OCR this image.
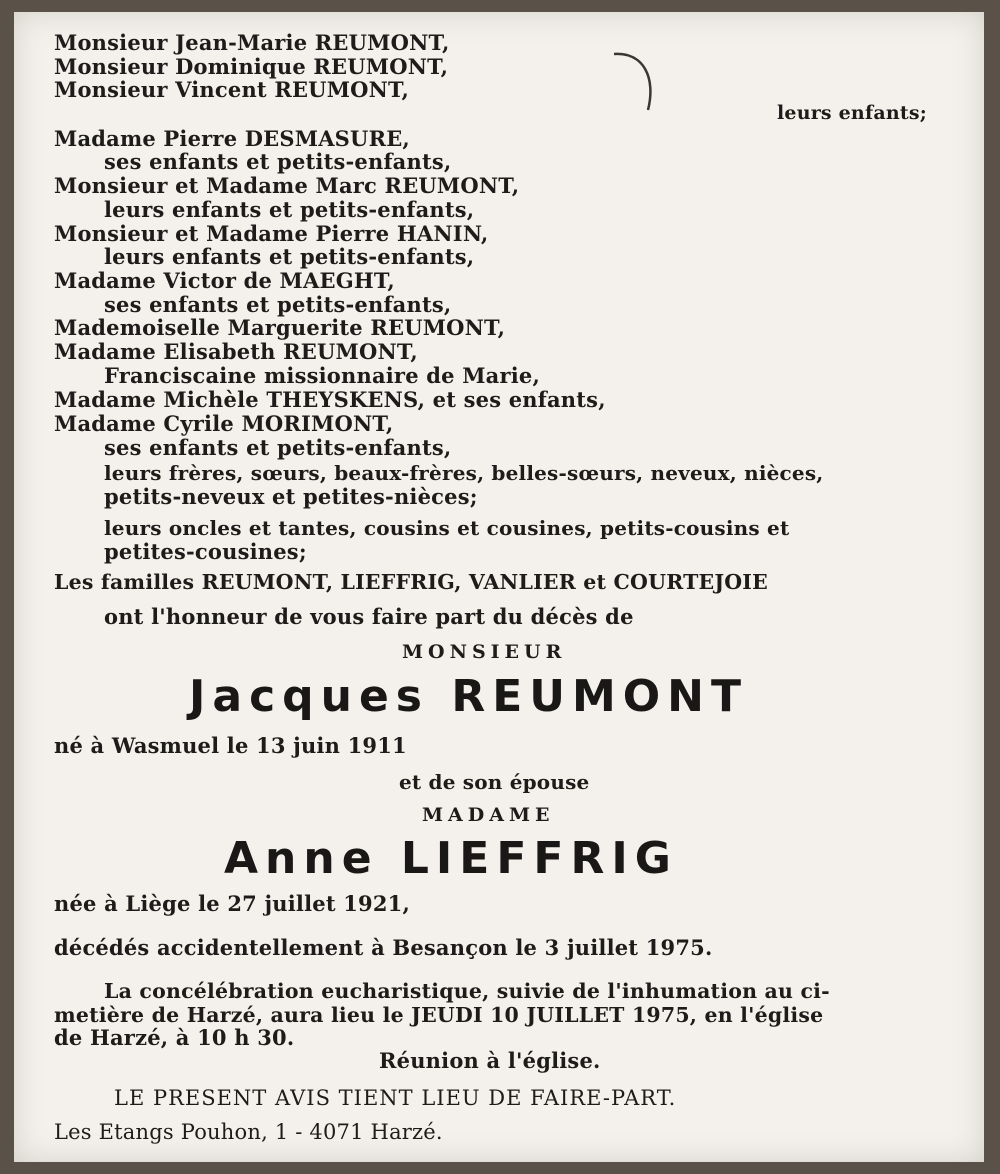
Monsieur Jean-Marie REUMONT,
Monsieur Dominique REUMONT,
Monsieur Vincent REUMONT,
leurs enfants;
Madame Pierre DESMASURE,
ses enfants et petits-enfants,
Monsieur et Madame Marc REUMONT,
leurs enfants et petits-enfants,
Monsieur et Madame Pierre HANIN,
leurs enfants et petits-enfants,
Madame Victor de MAEGHT,
ses enfants et petits-enfants,
Mademoiselle Marguerite REUMONT,
Madame Elisabeth REUMONT,
Franciscaine missionnaire de Marie,
Madame Michèle THEYSKENS, et ses enfants,
Madame Cyrile MORIMONT,
ses enfants et petits-enfants,
leurs frères, sœurs, beaux-frères, belles-sœurs, neveux, nièces,
petits-neveux et petites-nièces;
leurs oncles et tantes, cousins et cousines, petits-cousins et
petites-cousines;
Les familles REUMONT, LIEFFRIG, VANLIER et COURTEJOIE
ont l'honneur de vous faire part du décès de
MONSIEUR
Jacques REUMONT
né à Wasmuel le 13 juin 1911
et de son épouse
MADAME
Anne LIEFFRIG
née à Liège le 27 juillet 1921,
décédés accidentellement à Besançon le 3 juillet 1975.
La concélébration eucharistique, suivie de l'inhumation au ci-
metière de Harzé, aura lieu le JEUDI 10 JUILLET 1975, en l'église
de Harzé, à 10 h 30.
Réunion à l'église.
LE PRESENT AVIS TIENT LIEU DE FAIRE-PART.
Les Etangs Pouhon, 1 - 4071 Harzé.
